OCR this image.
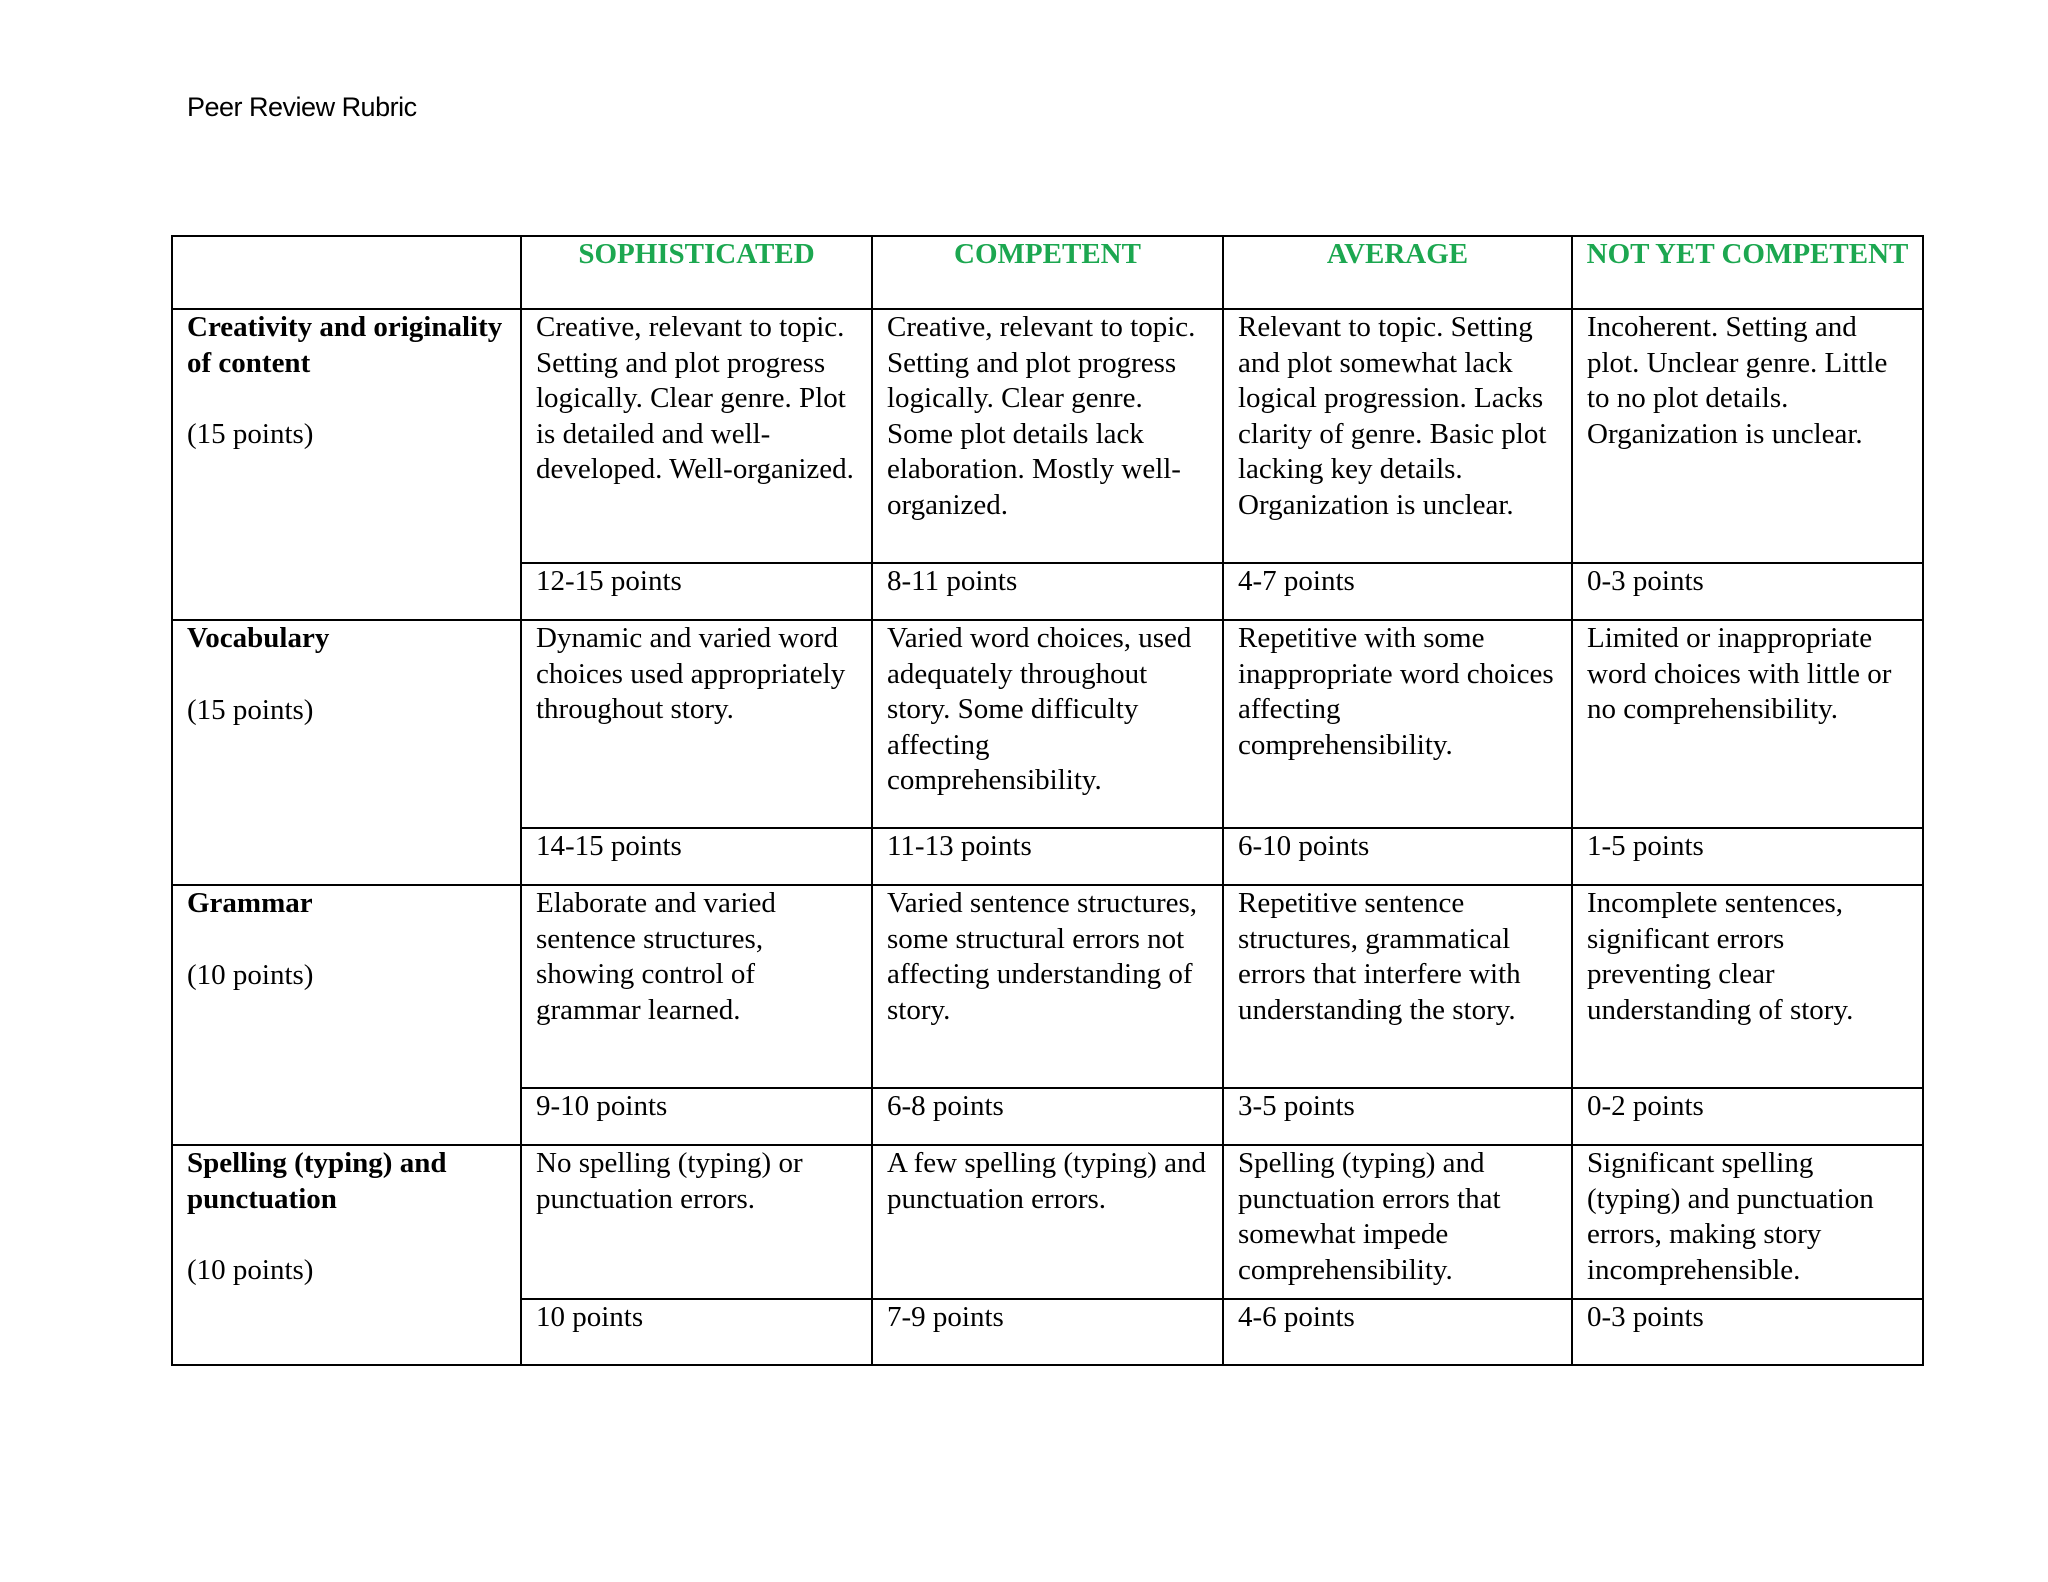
Peer Review Rubric
	SOPHISTICATED	COMPETENT	AVERAGE	NOT YET COMPETENT

Creativity and originality of content
(15 points)	Creative, relevant to topic. Setting and plot progress logically. Clear genre. Plot is detailed and well-developed. Well-organized.	Creative, relevant to topic. Setting and plot progress logically. Clear genre. Some plot details lack elaboration. Mostly well-organized.	Relevant to topic. Setting and plot somewhat lack logical progression. Lacks clarity of genre. Basic plot lacking key details. Organization is unclear.	Incoherent. Setting and plot. Unclear genre. Little to no plot details. Organization is unclear.
	12-15 points	8-11 points	4-7 points	0-3 points

Vocabulary
(15 points)	Dynamic and varied word choices used appropriately throughout story.	Varied word choices, used adequately throughout story. Some difficulty affecting comprehensibility.	Repetitive with some inappropriate word choices affecting comprehensibility.	Limited or inappropriate word choices with little or no comprehensibility.
	14-15 points	11-13 points	6-10 points	1-5 points

Grammar
(10 points)	Elaborate and varied sentence structures, showing control of grammar learned.	Varied sentence structures, some structural errors not affecting understanding of story.	Repetitive sentence structures, grammatical errors that interfere with understanding the story.	Incomplete sentences, significant errors preventing clear understanding of story.
	9-10 points	6-8 points	3-5 points	0-2 points

Spelling (typing) and punctuation
(10 points)	No spelling (typing) or punctuation errors.	A few spelling (typing) and punctuation errors.	Spelling (typing) and punctuation errors that somewhat impede comprehensibility.	Significant spelling (typing) and punctuation errors, making story incomprehensible.
	10 points	7-9 points	4-6 points	0-3 points
